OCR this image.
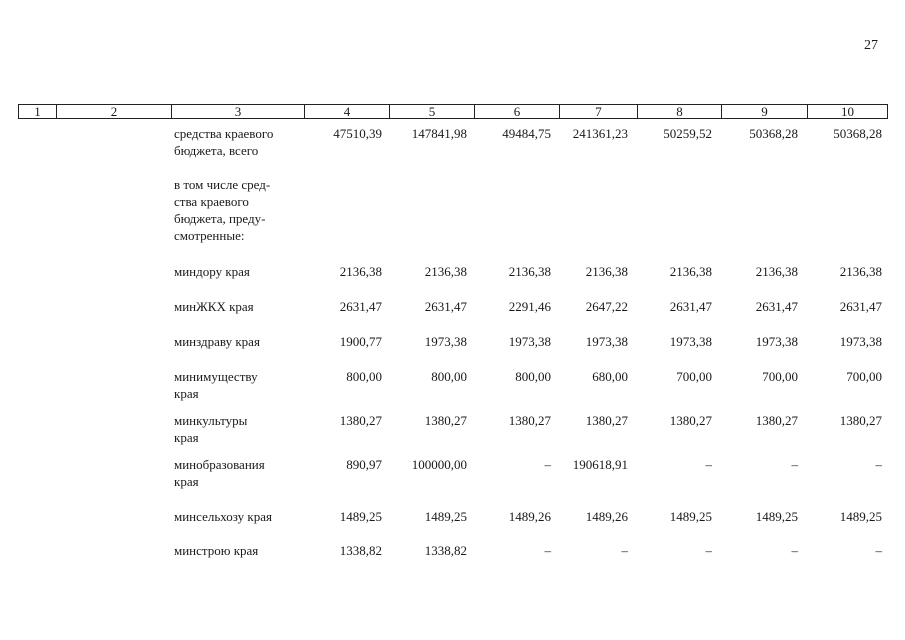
27
1	2	3	4	5	6	7	8	9	10
средства краевого
бюджета, всего
47510,39	147841,98	49484,75	241361,23	50259,52	50368,28	50368,28
в том числе сред-
ства краевого
бюджета, преду-
смотренные:
миндору края	2136,38	2136,38	2136,38	2136,38	2136,38	2136,38	2136,38
минЖКХ края	2631,47	2631,47	2291,46	2647,22	2631,47	2631,47	2631,47
минздраву края	1900,77	1973,38	1973,38	1973,38	1973,38	1973,38	1973,38
минимуществу
края
800,00	800,00	800,00	680,00	700,00	700,00	700,00
минкультуры
края
1380,27	1380,27	1380,27	1380,27	1380,27	1380,27	1380,27
минобразования
края
890,97	100000,00	–	190618,91	–	–	–
минсельхозу края	1489,25	1489,25	1489,26	1489,26	1489,25	1489,25	1489,25
минстрою края	1338,82	1338,82	–	–	–	–	–
